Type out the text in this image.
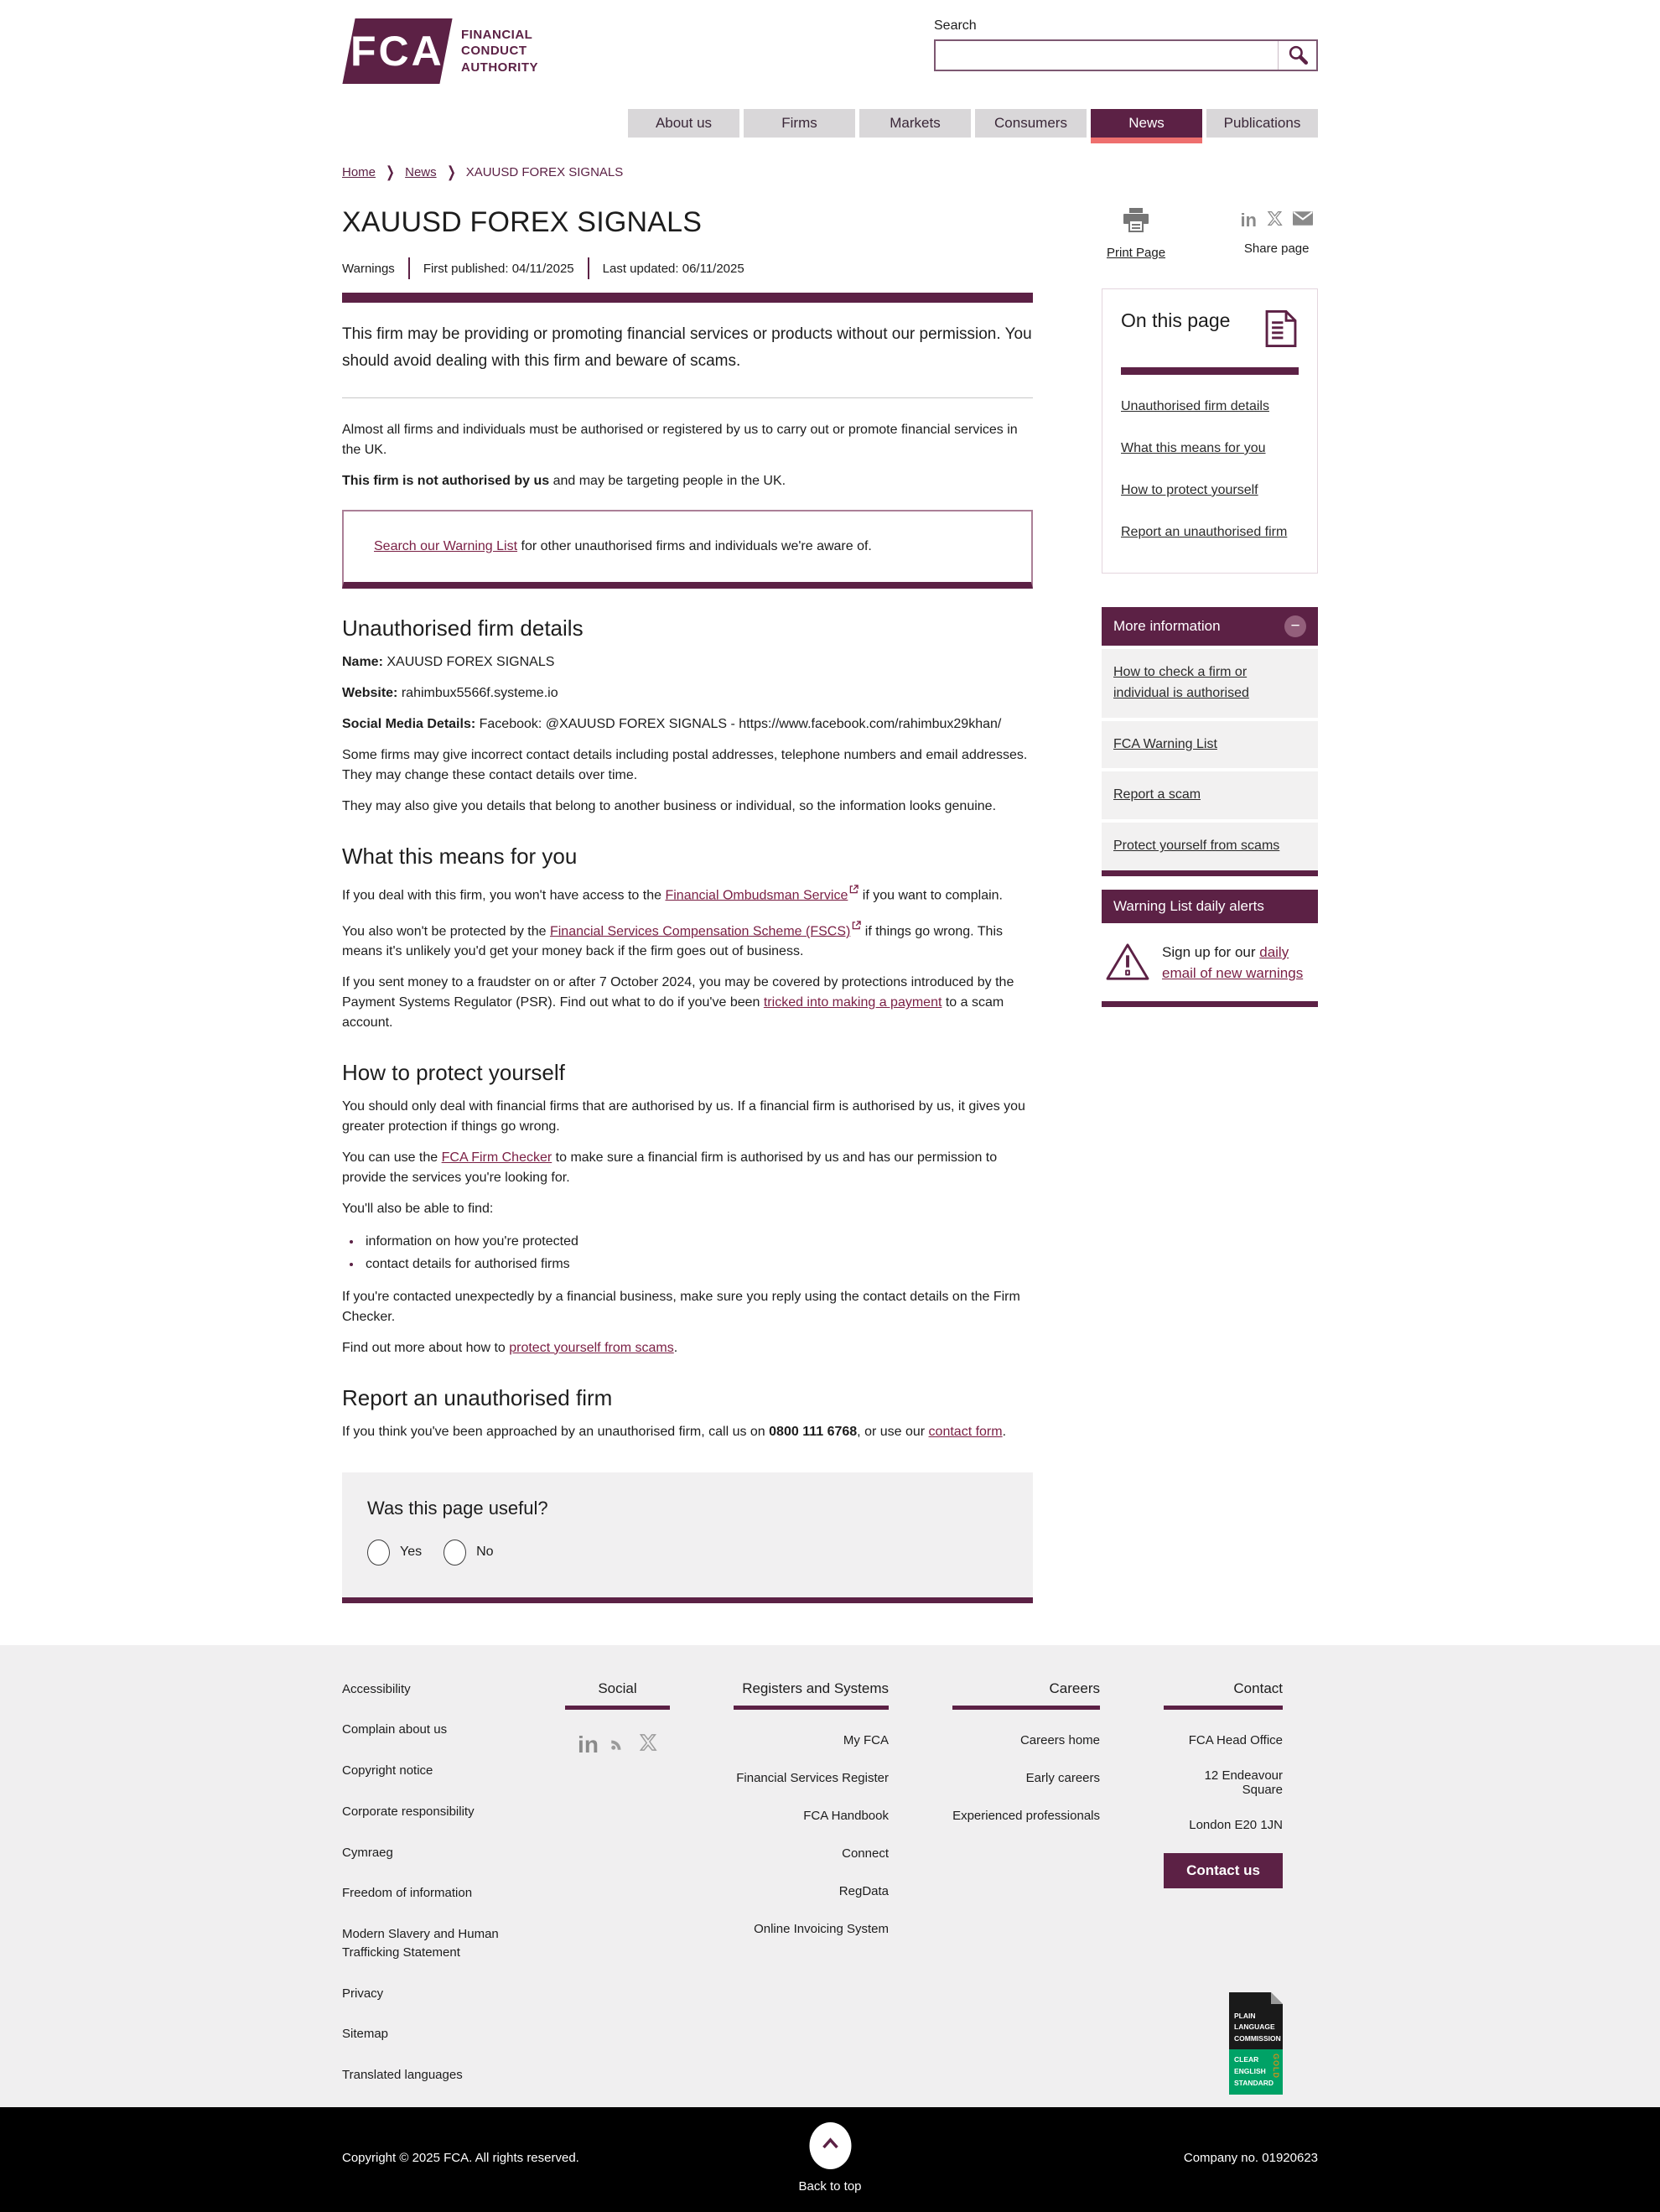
FCA FINANCIAL
CONDUCT
AUTHORITY
Search
About us	Firms	Markets	Consumers	News	Publications
Home ❯ News ❯ XAUUSD FOREX SIGNALS
XAUUSD FOREX SIGNALS
Warnings First published: 04/11/2025 Last updated: 06/11/2025

This firm may be providing or promoting financial services or products without our permission. You should avoid dealing with this firm and beware of scams.

Almost all firms and individuals must be authorised or registered by us to carry out or promote financial services in the UK.

This firm is not authorised by us and may be targeting people in the UK.

Search our Warning List for other unauthorised firms and individuals we're aware of.
Unauthorised firm details

Name: XAUUSD FOREX SIGNALS

Website: rahimbux5566f.systeme.io

Social Media Details: Facebook: @XAUUSD FOREX SIGNALS - https://www.facebook.com/rahimbux29khan/

Some firms may give incorrect contact details including postal addresses, telephone numbers and email addresses. They may change these contact details over time.

They may also give you details that belong to another business or individual, so the information looks genuine.

What this means for you

If you deal with this firm, you won't have access to the Financial Ombudsman Service if you want to complain.

You also won't be protected by the Financial Services Compensation Scheme (FSCS) if things go wrong. This means it's unlikely you'd get your money back if the firm goes out of business.

If you sent money to a fraudster on or after 7 October 2024, you may be covered by protections introduced by the Payment Systems Regulator (PSR). Find out what to do if you've been tricked into making a payment to a scam account.

How to protect yourself

You should only deal with financial firms that are authorised by us. If a financial firm is authorised by us, it gives you greater protection if things go wrong.

You can use the FCA Firm Checker to make sure a financial firm is authorised by us and has our permission to provide the services you're looking for.

You'll also be able to find:

• information on how you're protected
• contact details for authorised firms

If you're contacted unexpectedly by a financial business, make sure you reply using the contact details on the Firm Checker.

Find out more about how to protect yourself from scams.

Report an unauthorised firm

If you think you've been approached by an unauthorised firm, call us on 0800 111 6768, or use our contact form.

Was this page useful?
Yes	No
Print Page
in
Share page
On this page
Unauthorised firm details
What this means for you
How to protect yourself
Report an unauthorised firm
More information	−
How to check a firm or individual is authorised
FCA Warning List
Report a scam
Protect yourself from scams
Warning List daily alerts
Sign up for our daily email of new warnings
Accessibility
Complain about us
Copyright notice
Corporate responsibility
Cymraeg
Freedom of information
Modern Slavery and Human Trafficking Statement
Privacy
Sitemap
Translated languages
Social
in
Registers and Systems
My FCA
Financial Services Register
FCA Handbook
Connect
RegData
Online Invoicing System
Careers
Careers home
Early careers
Experienced professionals
Contact
FCA Head Office
12 Endeavour Square
London E20 1JN
Contact us
PLAIN
LANGUAGE
COMMISSION
CLEAR
ENGLISH
STANDARD
GOLD
Back to top
Copyright © 2025 FCA. All rights reserved.	Company no. 01920623
